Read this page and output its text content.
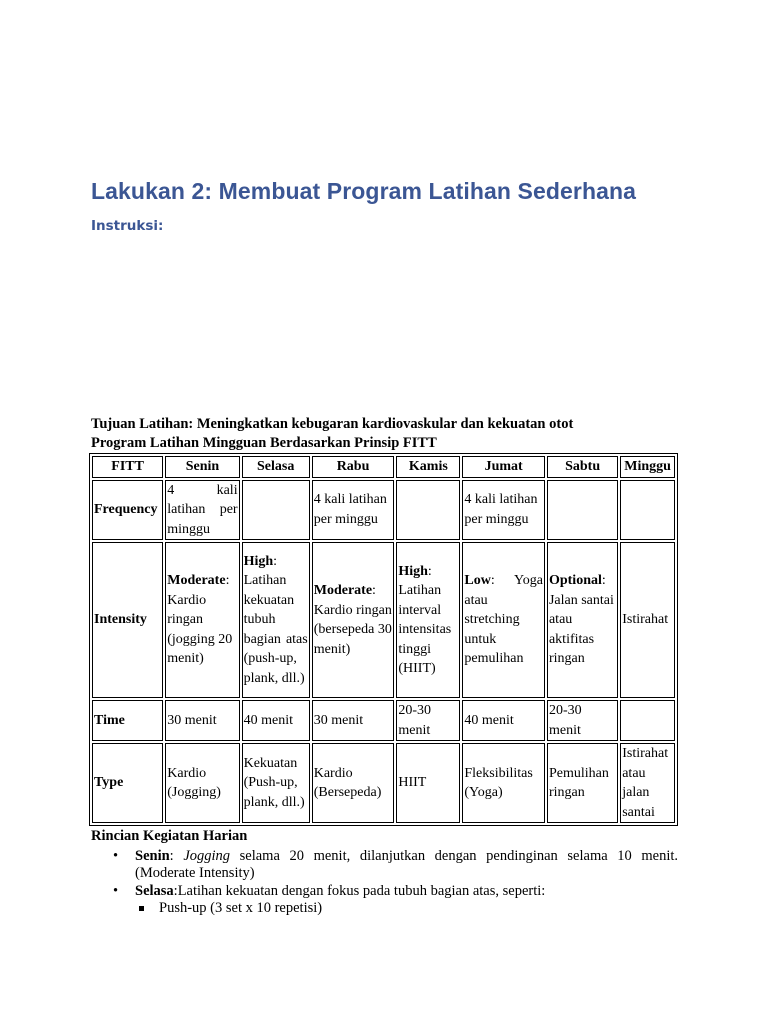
Lakukan 2: Membuat Program Latihan Sederhana
Instruksi:
Tujuan Latihan: Meningkatkan kebugaran kardiovaskular dan kekuatan otot
Program Latihan Mingguan Berdasarkan Prinsip FITT
FITT	Senin	Selasa	Rabu	Kamis	Jumat	Sabtu	Minggu
Frequency	4 kali latihan per minggu		4 kali latihan per minggu		4 kali latihan per minggu		
Intensity	Moderate: Kardio ringan (jogging 20 menit)	High: Latihan kekuatan tubuh bagian atas (push-up, plank, dll.)	Moderate: Kardio ringan (bersepeda 30 menit)	High: Latihan interval intensitas tinggi (HIIT)	Low: Yoga atau stretching untuk pemulihan	Optional: Jalan santai atau aktifitas ringan	Istirahat
Time	30 menit	40 menit	30 menit	20-30 menit	40 menit	20-30 menit	
Type	Kardio (Jogging)	Kekuatan (Push-up, plank, dll.)	Kardio (Bersepeda)	HIIT	Fleksibilitas (Yoga)	Pemulihan ringan	Istirahat atau jalan santai
Rincian Kegiatan Harian
• Senin: Jogging selama 20 menit, dilanjutkan dengan pendinginan selama 10 menit. (Moderate Intensity)
• Selasa:Latihan kekuatan dengan fokus pada tubuh bagian atas, seperti:
Push-up (3 set x 10 repetisi)
